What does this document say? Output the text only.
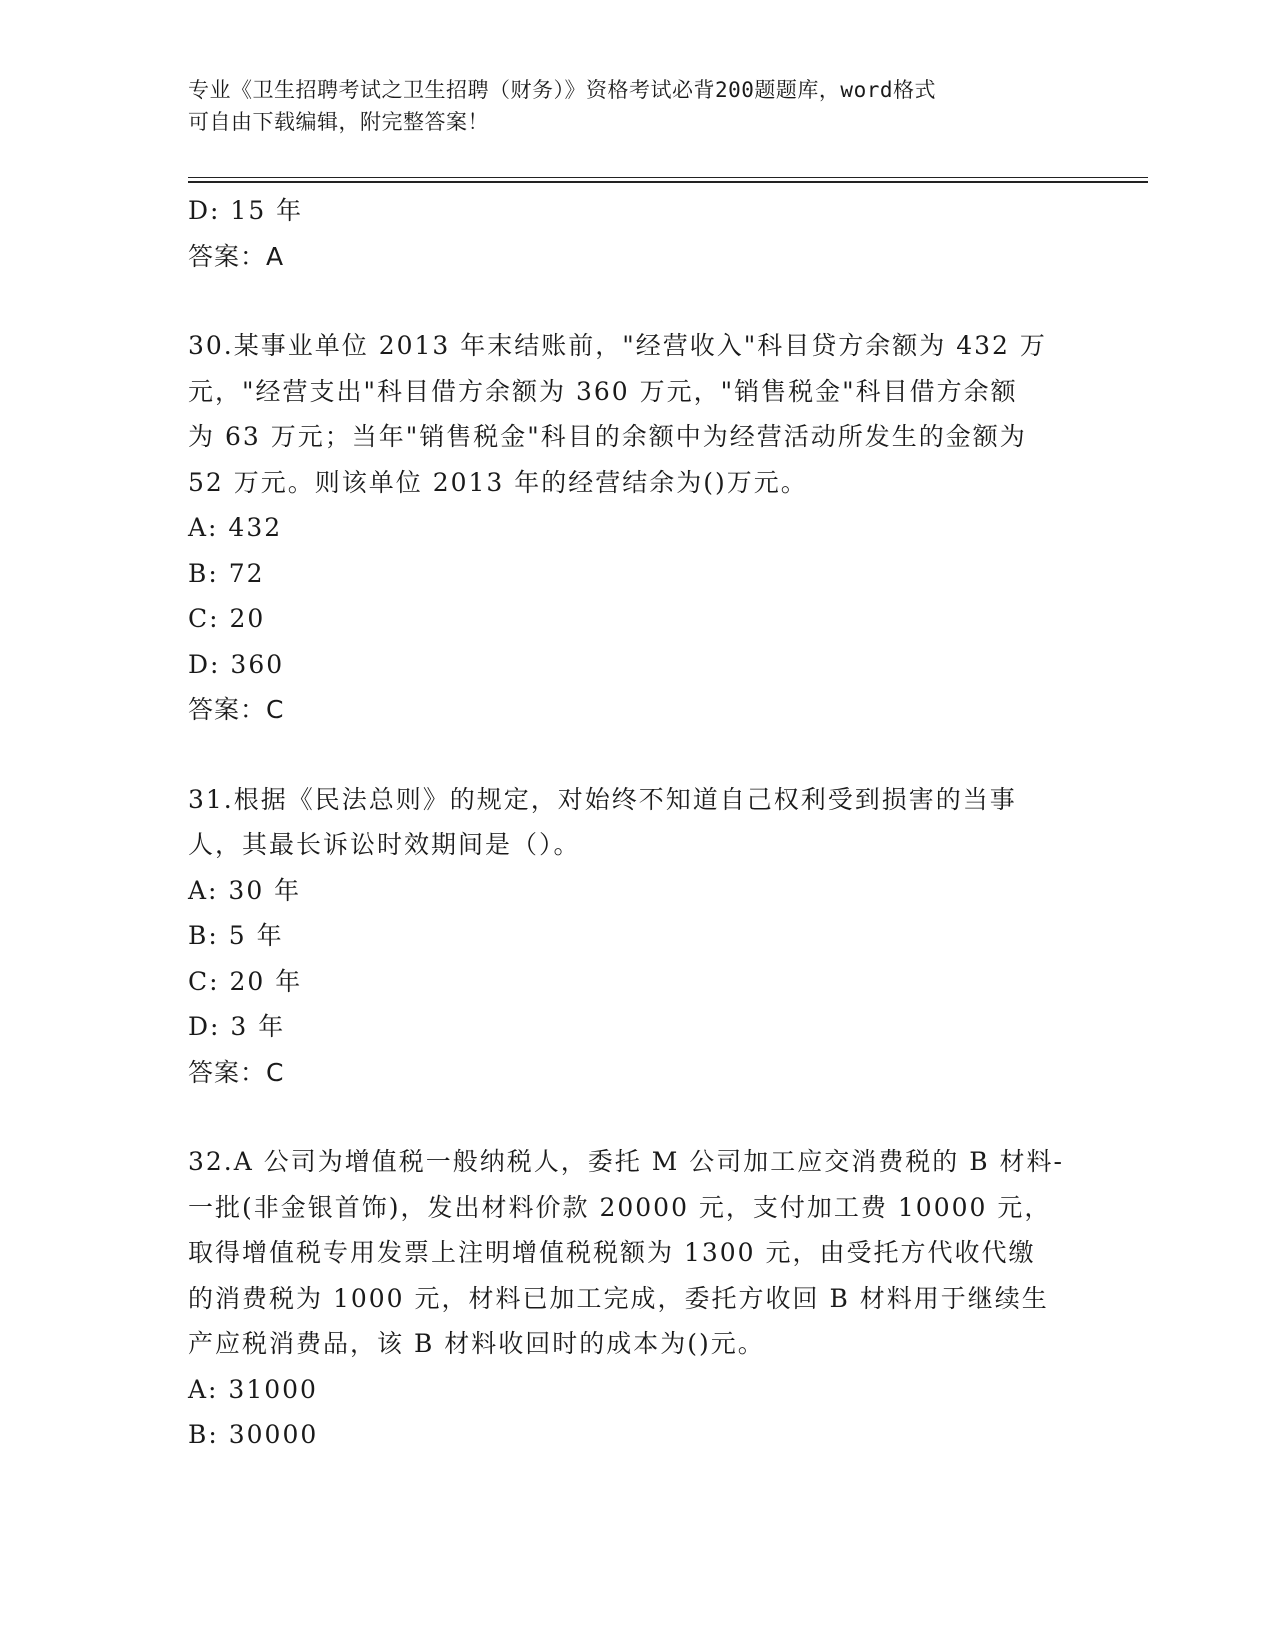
专业《卫生招聘考试之卫生招聘（财务）》资格考试必背200题题库，word格式
可自由下载编辑，附完整答案！
D: 15 年
答案：A
30.某事业单位 2013 年末结账前，"经营收入"科目贷方余额为 432 万
元，"经营支出"科目借方余额为 360 万元，"销售税金"科目借方余额
为 63 万元；当年"销售税金"科目的余额中为经营活动所发生的金额为
52 万元。则该单位 2013 年的经营结余为()万元。
A: 432
B: 72
C: 20
D: 360
答案：C
31.根据《民法总则》的规定，对始终不知道自己权利受到损害的当事
人，其最长诉讼时效期间是（）。
A: 30 年
B: 5 年
C: 20 年
D: 3 年
答案：C
32.A 公司为增值税一般纳税人，委托 M 公司加工应交消费税的 B 材料-
一批(非金银首饰)，发出材料价款 20000 元，支付加工费 10000 元，
取得增值税专用发票上注明增值税税额为 1300 元，由受托方代收代缴
的消费税为 1000 元，材料已加工完成，委托方收回 B 材料用于继续生
产应税消费品，该 B 材料收回时的成本为()元。
A: 31000
B: 30000
